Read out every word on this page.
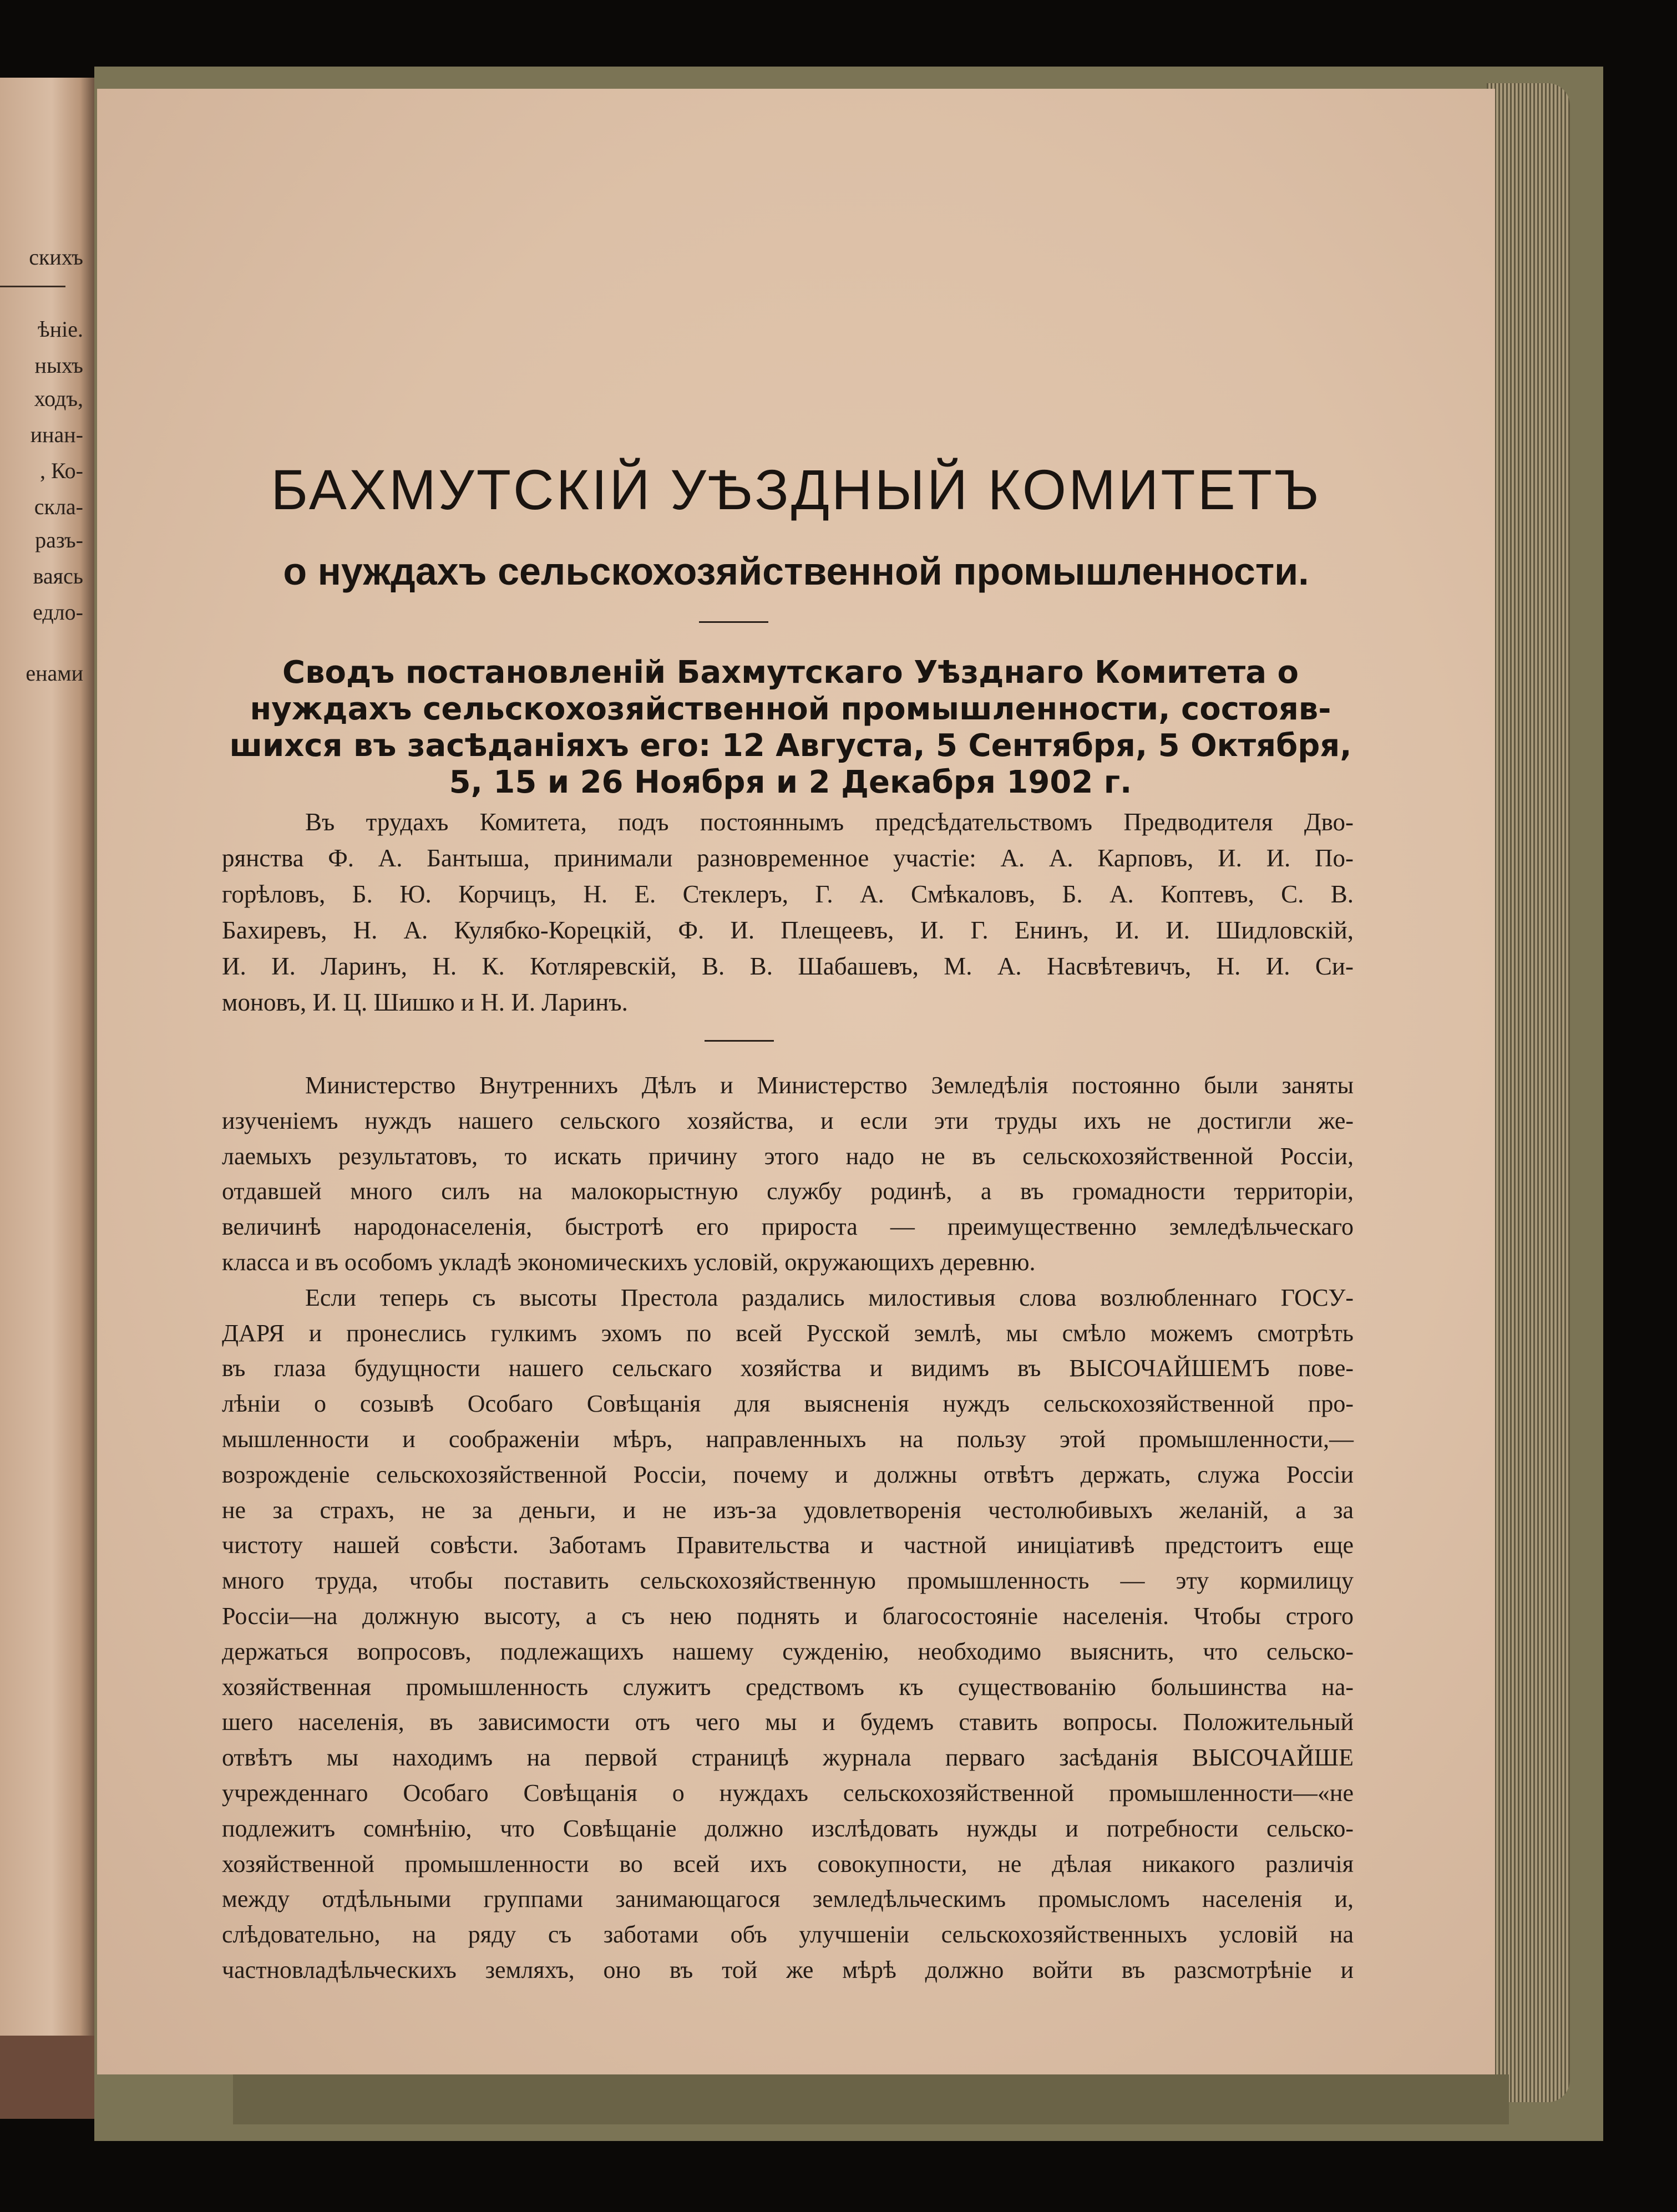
скихъ
ѣніе.
ныхъ
ходъ,
инан-
, Ко-
скла-
разъ-
ваясь
едло-
енами
БАХМУТСКІЙ УѢЗДНЫЙ КОМИТЕТЪ
о нуждахъ сельскохозяйственной промышленности.
Сводъ постановленій Бахмутскаго Уѣзднаго Комитета о
нуждахъ сельскохозяйственной промышленности, состояв-
шихся въ засѣданіяхъ его: 12 Августа, 5 Сентября, 5 Октября,
5, 15 и 26 Ноября и 2 Декабря 1902 г.
Въ трудахъ Комитета, подъ постояннымъ предсѣдательствомъ Предводителя Дво-
рянства Ф. А. Бантыша, принимали разновременное участіе: А. А. Карповъ, И. И. По-
горѣловъ, Б. Ю. Корчицъ, Н. Е. Стеклеръ, Г. А. Смѣкаловъ, Б. А. Коптевъ, С. В.
Бахиревъ, Н. А. Кулябко-Корецкій, Ф. И. Плещеевъ, И. Г. Енинъ, И. И. Шидловскій,
И. И. Ларинъ, Н. К. Котляревскій, В. В. Шабашевъ, М. А. Насвѣтевичъ, Н. И. Си-
моновъ, И. Ц. Шишко и Н. И. Ларинъ.
Министерство Внутреннихъ Дѣлъ и Министерство Земледѣлія постоянно были заняты
изученіемъ нуждъ нашего сельского хозяйства, и если эти труды ихъ не достигли же-
лаемыхъ результатовъ, то искать причину этого надо не въ сельскохозяйственной Россіи,
отдавшей много силъ на малокорыстную службу родинѣ, а въ громадности территоріи,
величинѣ народонаселенія, быстротѣ его прироста — преимущественно земледѣльческаго
класса и въ особомъ укладѣ экономическихъ условій, окружающихъ деревню.
Если теперь съ высоты Престола раздались милостивыя слова возлюбленнаго ГОСУ-
ДАРЯ и пронеслись гулкимъ эхомъ по всей Русской землѣ, мы смѣло можемъ смотрѣть
въ глаза будущности нашего сельскаго хозяйства и видимъ въ ВЫСОЧАЙШЕМЪ пове-
лѣніи о созывѣ Особаго Совѣщанія для выясненія нуждъ сельскохозяйственной про-
мышленности и соображеніи мѣръ, направленныхъ на пользу этой промышленности,—
возрожденіе сельскохозяйственной Россіи, почему и должны отвѣтъ держать, служа Россіи
не за страхъ, не за деньги, и не изъ-за удовлетворенія честолюбивыхъ желаній, а за
чистоту нашей совѣсти. Заботамъ Правительства и частной иниціативѣ предстоитъ еще
много труда, чтобы поставить сельскохозяйственную промышленность — эту кормилицу
Россіи—на должную высоту, а съ нею поднять и благосостояніе населенія. Чтобы строго
держаться вопросовъ, подлежащихъ нашему сужденію, необходимо выяснить, что сельско-
хозяйственная промышленность служитъ средствомъ къ существованію большинства на-
шего населенія, въ зависимости отъ чего мы и будемъ ставить вопросы. Положительный
отвѣтъ мы находимъ на первой страницѣ журнала перваго засѣданія ВЫСОЧАЙШЕ
учрежденнаго Особаго Совѣщанія о нуждахъ сельскохозяйственной промышленности—«не
подлежитъ сомнѣнію, что Совѣщаніе должно изслѣдовать нужды и потребности сельско-
хозяйственной промышленности во всей ихъ совокупности, не дѣлая никакого различія
между отдѣльными группами занимающагося земледѣльческимъ промысломъ населенія и,
слѣдовательно, на ряду съ заботами объ улучшеніи сельскохозяйственныхъ условій на
частновладѣльческихъ земляхъ, оно въ той же мѣрѣ должно войти въ разсмотрѣніе и
